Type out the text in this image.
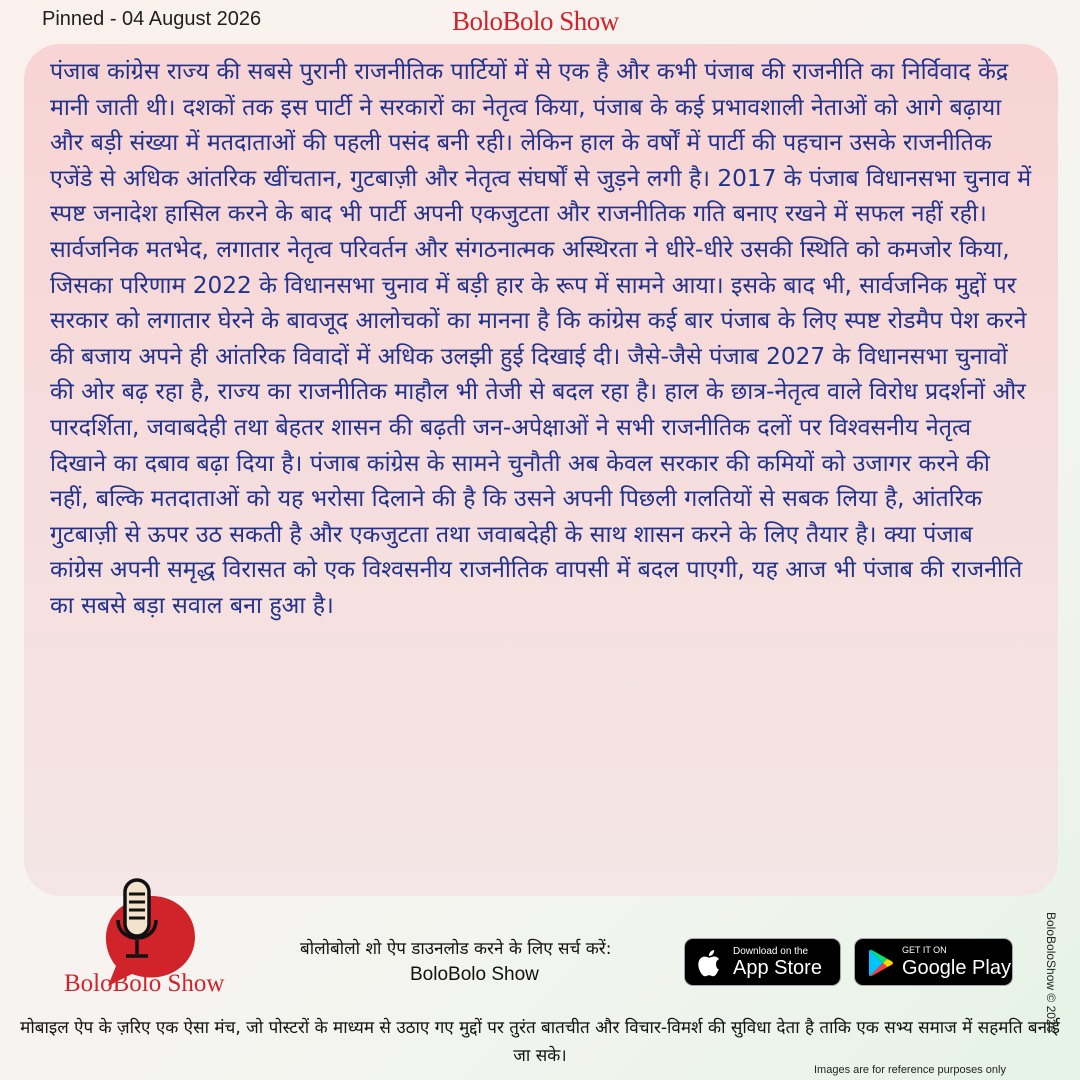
Pinned - 04 August 2026	BoloBolo Show

पंजाब कांग्रेस राज्य की सबसे पुरानी राजनीतिक पार्टियों में से एक है और कभी पंजाब की राजनीति का निर्विवाद केंद्र मानी जाती थी। दशकों तक इस पार्टी ने सरकारों का नेतृत्व किया, पंजाब के कई प्रभावशाली नेताओं को आगे बढ़ाया और बड़ी संख्या में मतदाताओं की पहली पसंद बनी रही। लेकिन हाल के वर्षों में पार्टी की पहचान उसके राजनीतिक एजेंडे से अधिक आंतरिक खींचतान, गुटबाज़ी और नेतृत्व संघर्षों से जुड़ने लगी है। 2017 के पंजाब विधानसभा चुनाव में स्पष्ट जनादेश हासिल करने के बाद भी पार्टी अपनी एकजुटता और राजनीतिक गति बनाए रखने में सफल नहीं रही। सार्वजनिक मतभेद, लगातार नेतृत्व परिवर्तन और संगठनात्मक अस्थिरता ने धीरे-धीरे उसकी स्थिति को कमजोर किया, जिसका परिणाम 2022 के विधानसभा चुनाव में बड़ी हार के रूप में सामने आया। इसके बाद भी, सार्वजनिक मुद्दों पर सरकार को लगातार घेरने के बावजूद आलोचकों का मानना है कि कांग्रेस कई बार पंजाब के लिए स्पष्ट रोडमैप पेश करने की बजाय अपने ही आंतरिक विवादों में अधिक उलझी हुई दिखाई दी। जैसे-जैसे पंजाब 2027 के विधानसभा चुनावों की ओर बढ़ रहा है, राज्य का राजनीतिक माहौल भी तेजी से बदल रहा है। हाल के छात्र-नेतृत्व वाले विरोध प्रदर्शनों और पारदर्शिता, जवाबदेही तथा बेहतर शासन की बढ़ती जन-अपेक्षाओं ने सभी राजनीतिक दलों पर विश्वसनीय नेतृत्व दिखाने का दबाव बढ़ा दिया है। पंजाब कांग्रेस के सामने चुनौती अब केवल सरकार की कमियों को उजागर करने की नहीं, बल्कि मतदाताओं को यह भरोसा दिलाने की है कि उसने अपनी पिछली गलतियों से सबक लिया है, आंतरिक गुटबाज़ी से ऊपर उठ सकती है और एकजुटता तथा जवाबदेही के साथ शासन करने के लिए तैयार है। क्या पंजाब कांग्रेस अपनी समृद्ध विरासत को एक विश्वसनीय राजनीतिक वापसी में बदल पाएगी, यह आज भी पंजाब की राजनीति का सबसे बड़ा सवाल बना हुआ है।

BoloBolo Show
बोलोबोलो शो ऐप डाउनलोड करने के लिए सर्च करें:
BoloBolo Show
Download on the
App Store
GET IT ON
Google Play
मोबाइल ऐप के ज़रिए एक ऐसा मंच, जो पोस्टरों के माध्यम से उठाए गए मुद्दों पर तुरंत बातचीत और विचार-विमर्श की सुविधा देता है ताकि एक सभ्य समाज में सहमति बनाई जा सके।
Images are for reference purposes only
BoloBoloShow © 2026
